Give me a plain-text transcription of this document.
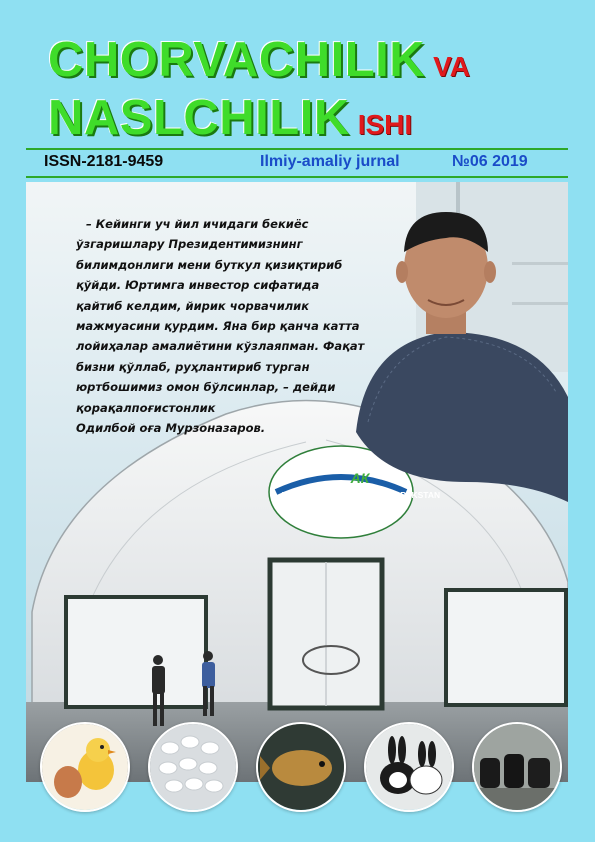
CHORVACHILIK VA
NASLCHILIK ISHI
ISSN-2181-9459	Ilmiy-amaliy jurnal	№06 2019
– Кейинги уч йил ичидаги бекиёс
ўзгаришлару Президентимизнинг
билимдонлиги мени буткул қизиқтириб
қўйди. Юртимга инвестор сифатида
қайтиб келдим, йирик чорвачилик
мажмуасини қурдим. Яна бир қанча катта
лойиҳалар амалиётини кўзлаяпман. Фақат
бизни қўллаб, руҳлантириб турган
юртбошимиз омон бўлсинлар, – дейди
қорақалпоғистонлик
Одилбой оға Мурзоназаров.
АК
AGRO KOMPLEKS KARAKALPAKSTAN
